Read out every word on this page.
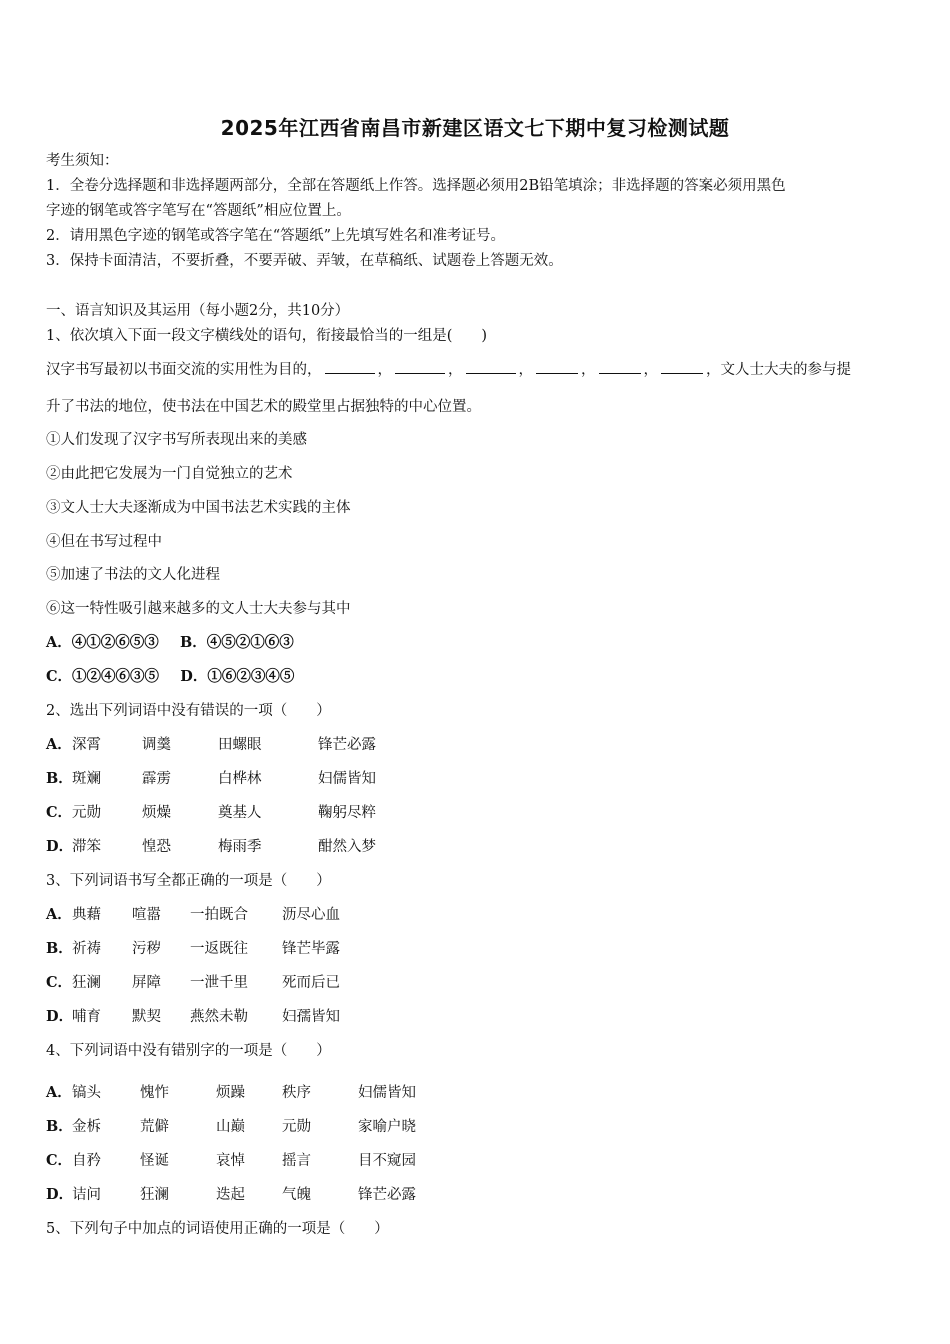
2025年江西省南昌市新建区语文七下期中复习检测试题
考生须知：
1．全卷分选择题和非选择题两部分，全部在答题纸上作答。选择题必须用2B铅笔填涂；非选择题的答案必须用黑色
字迹的钢笔或答字笔写在“答题纸”相应位置上。
2．请用黑色字迹的钢笔或答字笔在“答题纸”上先填写姓名和准考证号。
3．保持卡面清洁，不要折叠，不要弄破、弄皱，在草稿纸、试题卷上答题无效。
一、语言知识及其运用（每小题2分，共10分）
1、依次填入下面一段文字横线处的语句，衔接最恰当的一组是(　　)
汉字书写最初以书面交流的实用性为目的，	，	，	，	，	，	，文人士大夫的参与提
升了书法的地位，使书法在中国艺术的殿堂里占据独特的中心位置。
①人们发现了汉字书写所表现出来的美感
②由此把它发展为一门自觉独立的艺术
③文人士大夫逐渐成为中国书法艺术实践的主体
④但在书写过程中
⑤加速了书法的文人化进程
⑥这一特性吸引越来越多的文人士大夫参与其中
A．④①②⑥⑤③ B．④⑤②①⑥③
C．①②④⑥③⑤ D．①⑥②③④⑤
2、选出下列词语中没有错误的一项（　　）
A．深霄	调羹	田螺眼	锋芒必露
B．斑斓	霹雳	白桦林	妇儒皆知
C．元勋	烦燥	奠基人	鞠躬尽粹
D．滞笨	惶恐	梅雨季	酣然入梦
3、下列词语书写全都正确的一项是（　　）
A．典藉 喧嚣 一拍既合 沥尽心血
B．祈祷 污秽 一返既往 锋芒毕露
C．狂澜 屏障 一泄千里 死而后已
D．哺育 默契 燕然未勒 妇孺皆知
4、下列词语中没有错别字的一项是（　　）
A．镐头	愧怍	烦躁	秩序	妇儒皆知
B．金柝	荒僻	山巅	元勋	家喻户晓
C．自矜	怪诞	哀悼	摇言	目不窥园
D．诘问	狂澜	迭起	气魄	锋芒必露
5、下列句子中加点的词语使用正确的一项是（　　）
